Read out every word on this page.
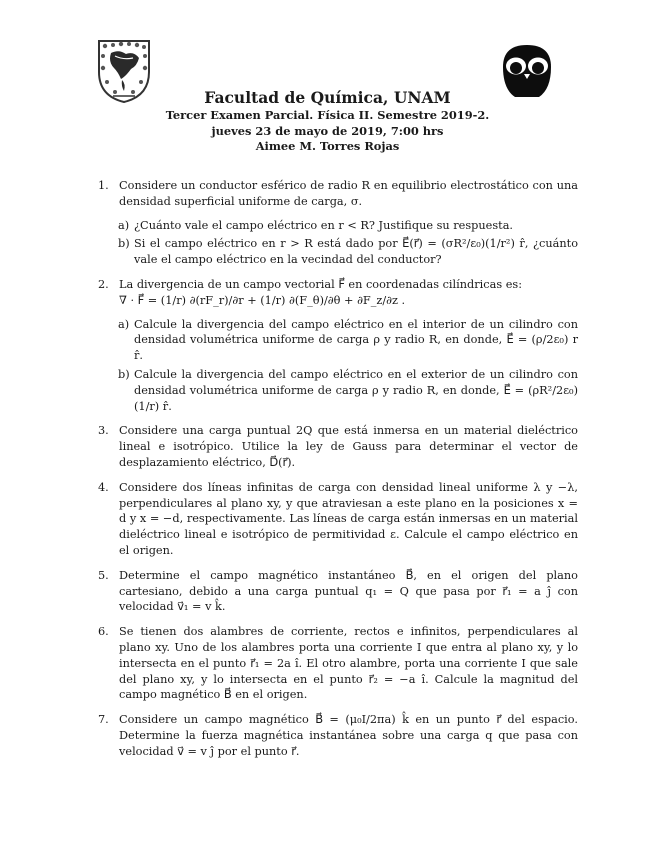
Facultad de Química, UNAM
Tercer Examen Parcial. Física II. Semestre 2019-2.
jueves 23 de mayo de 2019, 7:00 hrs
Aimee M. Torres Rojas
1. Considere un conductor esférico de radio R en equilibrio electrostático con una densidad superficial uniforme de carga, σ.
a) ¿Cuánto vale el campo eléctrico en r < R? Justifique su respuesta.
b) Si el campo eléctrico en r > R está dado por E⃗(r⃗) = (σR²/ε₀)(1/r²) r̂, ¿cuánto vale el campo eléctrico en la vecindad del conductor?
2. La divergencia de un campo vectorial F⃗ en coordenadas cilíndricas es:
∇ · F⃗ = (1/r) ∂(rF_r)/∂r + (1/r) ∂(F_θ)/∂θ + ∂F_z/∂z .
a) Calcule la divergencia del campo eléctrico en el interior de un cilindro con densidad volumétrica uniforme de carga ρ y radio R, en donde, E⃗ = (ρ/2ε₀) r r̂.
b) Calcule la divergencia del campo eléctrico en el exterior de un cilindro con densidad volumétrica uniforme de carga ρ y radio R, en donde, E⃗ = (ρR²/2ε₀)(1/r) r̂.
3. Considere una carga puntual 2Q que está inmersa en un material dieléctrico lineal e isotrópico. Utilice la ley de Gauss para determinar el vector de desplazamiento eléctrico, D⃗(r⃗).
4. Considere dos líneas infinitas de carga con densidad lineal uniforme λ y −λ, perpendiculares al plano xy, y que atraviesan a este plano en la posiciones x = d y x = −d, respectivamente. Las líneas de carga están inmersas en un material dieléctrico lineal e isotrópico de permitividad ε. Calcule el campo eléctrico en el origen.
5. Determine el campo magnético instantáneo B⃗, en el origen del plano cartesiano, debido a una carga puntual q₁ = Q que pasa por r⃗₁ = a ĵ con velocidad v⃗₁ = v k̂.
6. Se tienen dos alambres de corriente, rectos e infinitos, perpendiculares al plano xy. Uno de los alambres porta una corriente I que entra al plano xy, y lo intersecta en el punto r⃗₁ = 2a î. El otro alambre, porta una corriente I que sale del plano xy, y lo intersecta en el punto r⃗₂ = −a î. Calcule la magnitud del campo magnético B⃗ en el origen.
7. Considere un campo magnético B⃗ = (μ₀I/2πa) k̂ en un punto r⃗ del espacio. Determine la fuerza magnética instantánea sobre una carga q que pasa con velocidad v⃗ = v ĵ por el punto r⃗.
